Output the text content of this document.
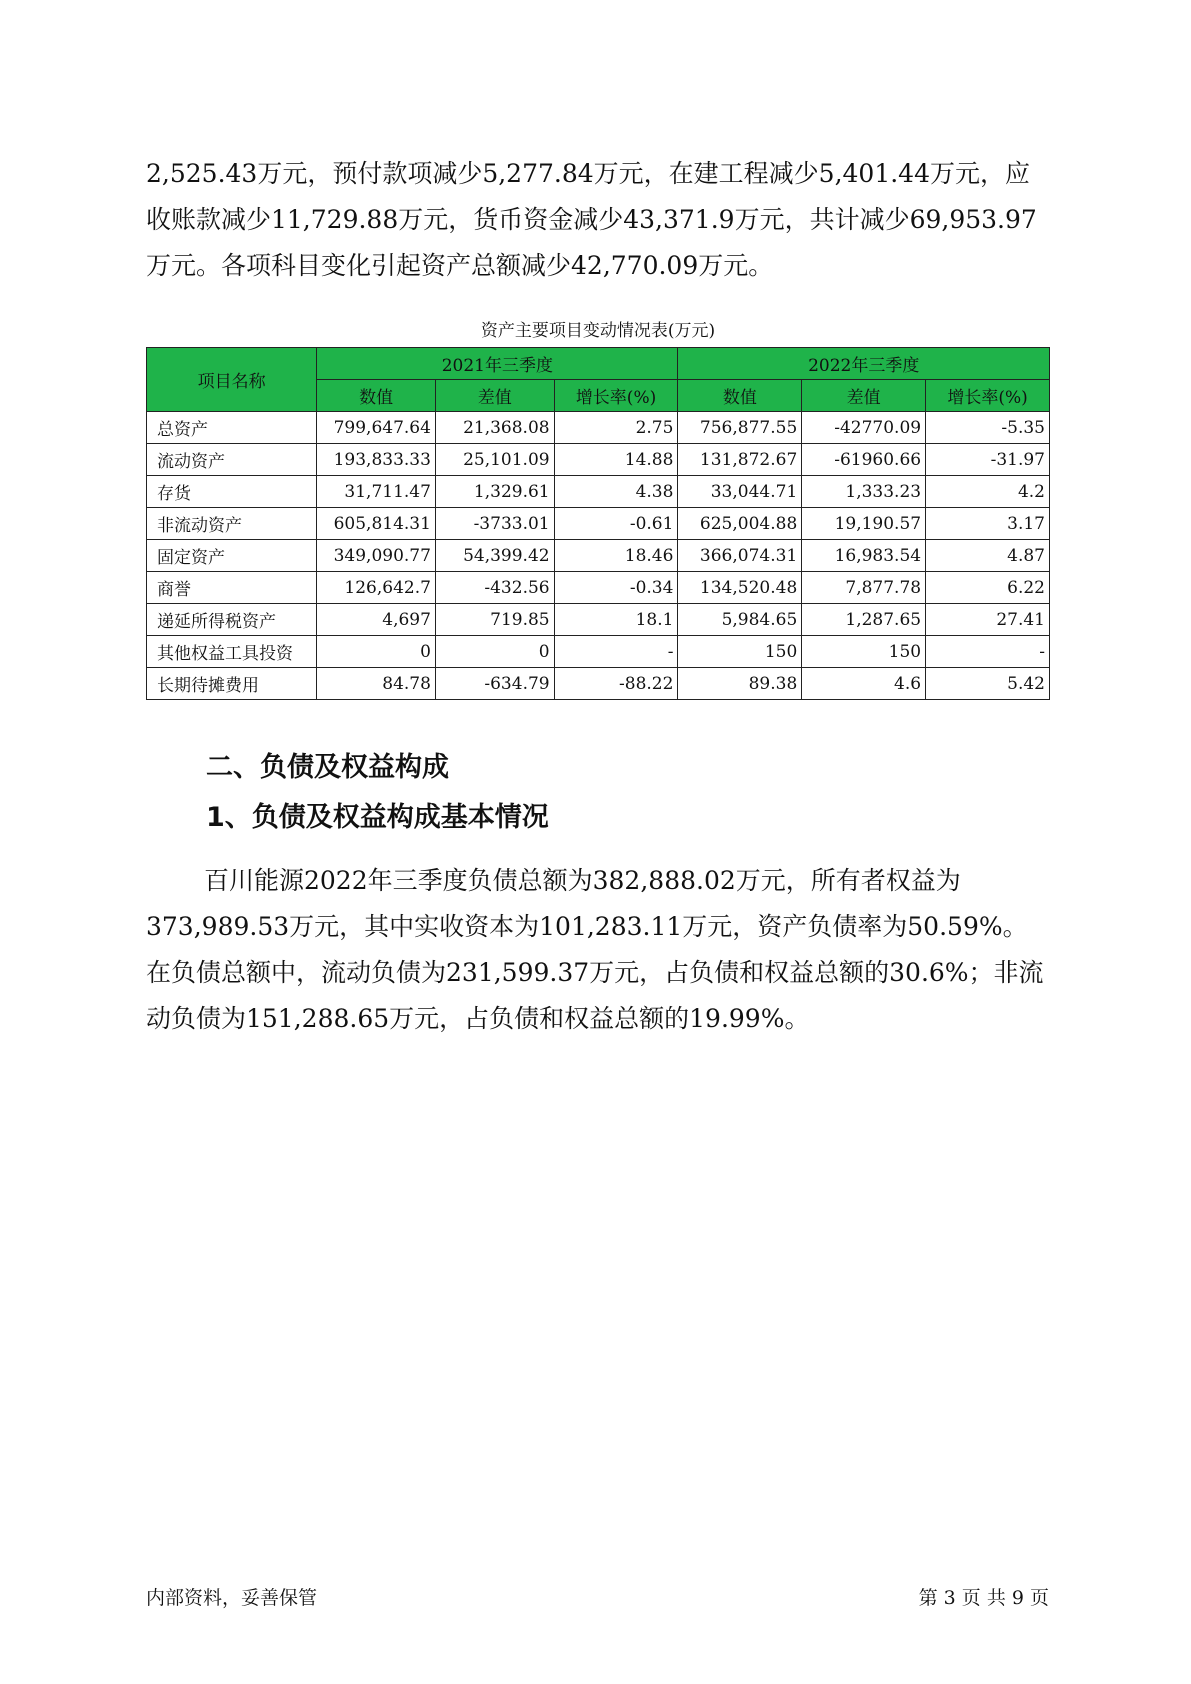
2,525.43万元，预付款项减少5,277.84万元，在建工程减少5,401.44万元，应收账款减少11,729.88万元，货币资金减少43,371.9万元，共计减少69,953.97万元。各项科目变化引起资产总额减少42,770.09万元。

资产主要项目变动情况表(万元)
项目名称	2021年三季度			2022年三季度		
	数值	差值	增长率(%)	数值	差值	增长率(%)
总资产	799,647.64	21,368.08	2.75	756,877.55	-42770.09	-5.35
流动资产	193,833.33	25,101.09	14.88	131,872.67	-61960.66	-31.97
存货	31,711.47	1,329.61	4.38	33,044.71	1,333.23	4.2
非流动资产	605,814.31	-3733.01	-0.61	625,004.88	19,190.57	3.17
固定资产	349,090.77	54,399.42	18.46	366,074.31	16,983.54	4.87
商誉	126,642.7	-432.56	-0.34	134,520.48	7,877.78	6.22
递延所得税资产	4,697	719.85	18.1	5,984.65	1,287.65	27.41
其他权益工具投资	0	0	-	150	150	-
长期待摊费用	84.78	-634.79	-88.22	89.38	4.6	5.42
二、负债及权益构成
1、负债及权益构成基本情况

百川能源2022年三季度负债总额为382,888.02万元，所有者权益为373,989.53万元，其中实收资本为101,283.11万元，资产负债率为50.59%。在负债总额中，流动负债为231,599.37万元，占负债和权益总额的30.6%；非流动负债为151,288.65万元，占负债和权益总额的19.99%。

内部资料，妥善保管	第 3 页 共 9 页
